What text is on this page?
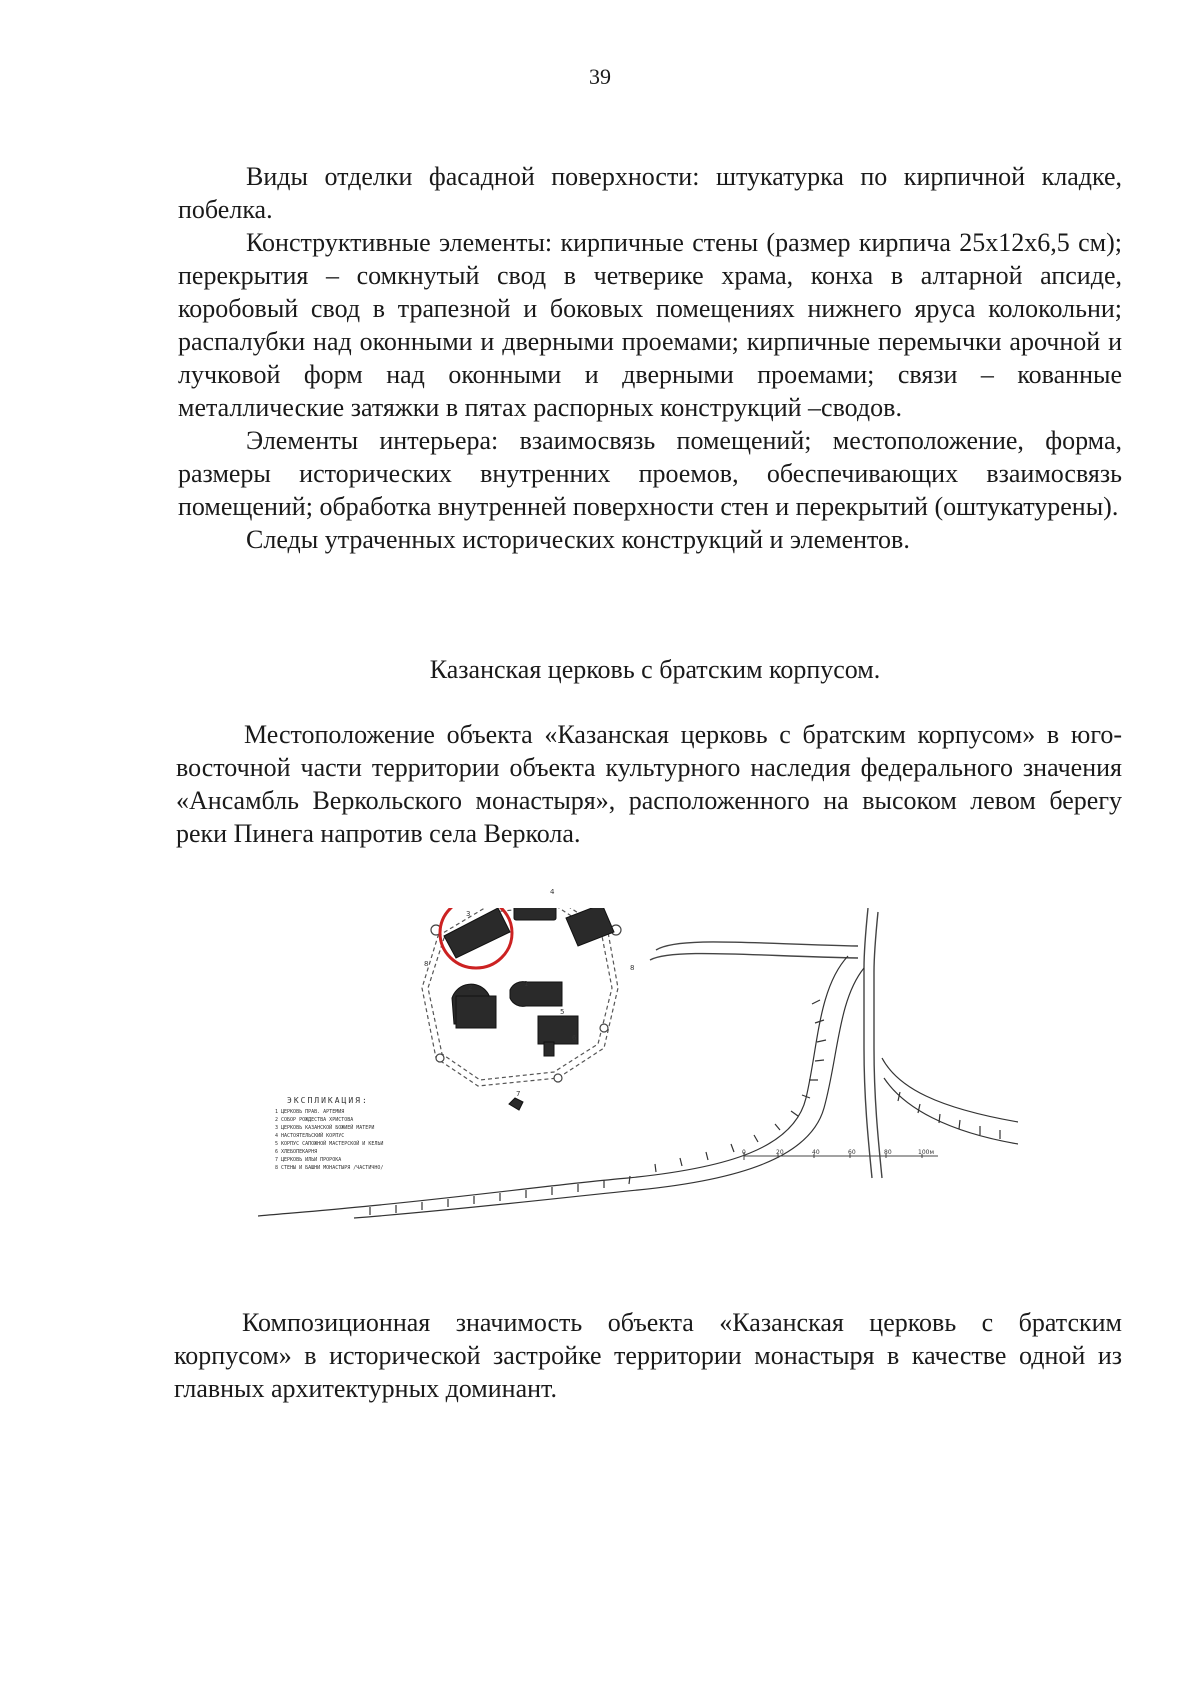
39

Виды отделки фасадной поверхности: штукатурка по кирпичной кладке, побелка.

Конструктивные элементы: кирпичные стены (размер кирпича 25х12х6,5 см); перекрытия – сомкнутый свод в четверике храма, конха в алтарной апсиде, коробовый свод в трапезной и боковых помещениях нижнего яруса колокольни; распалубки над оконными и дверными проемами; кирпичные перемычки арочной и лучковой форм над оконными и дверными проемами; связи – кованные металлические затяжки в пятах распорных конструкций –сводов.

Элементы интерьера: взаимосвязь помещений; местоположение, форма, размеры исторических внутренних проемов, обеспечивающих взаимосвязь помещений; обработка внутренней поверхности стен и перекрытий (оштукатурены).

Следы утраченных исторических конструкций и элементов.

Казанская церковь с братским корпусом.

Местоположение объекта «Казанская церковь с братским корпусом» в юго-восточной части территории объекта культурного наследия федерального значения «Ансамбль Веркольского монастыря», расположенного на высоком левом берегу реки Пинега напротив села Веркола.

ЭКСПЛИКАЦИЯ:
1 ЦЕРКОВЬ ПРАВ. АРТЕМИЯ
2 СОБОР РОЖДЕСТВА ХРИСТОВА
3 ЦЕРКОВЬ КАЗАНСКОЙ БОЖИЕЙ МАТЕРИ
4 НАСТОЯТЕЛЬСКИЙ КОРПУС
5 КОРПУС САПОЖНОЙ МАСТЕРСКОЙ И КЕЛЬИ
6 ХЛЕБОПЕКАРНЯ
7 ЦЕРКОВЬ ИЛЬИ ПРОРОКА
8 СТЕНЫ И БАШНИ МОНАСТЫРЯ /ЧАСТИЧНО/
0	20	40	60	80	100м
4
3
2	1
5
6
7
8	8

Композиционная значимость объекта «Казанская церковь с братским корпусом» в исторической застройке территории монастыря в качестве одной из главных архитектурных доминант.
